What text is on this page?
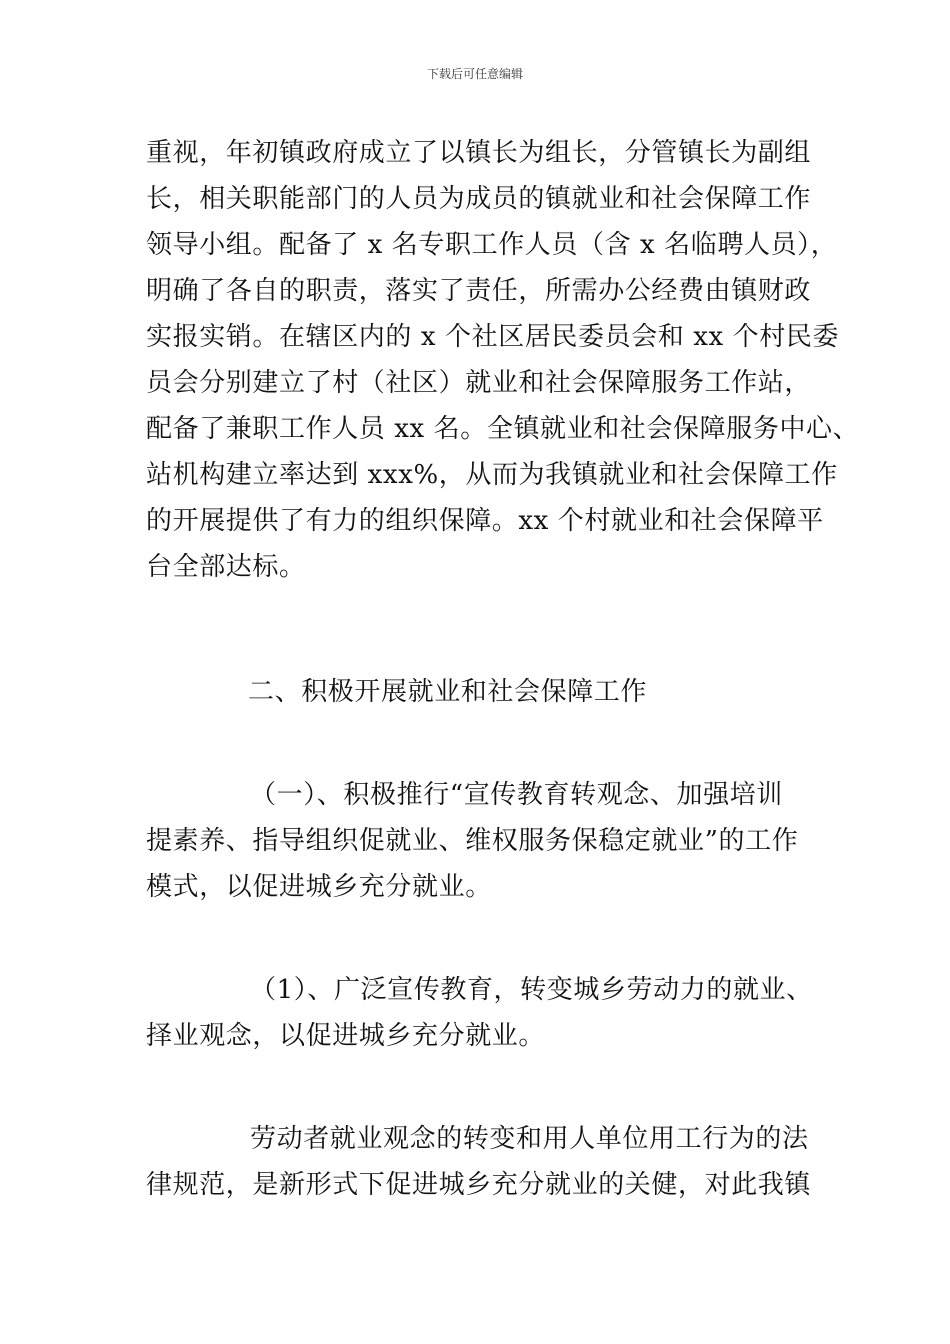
下载后可任意编辑
重视，年初镇政府成立了以镇长为组长，分管镇长为副组
长，相关职能部门的人员为成员的镇就业和社会保障工作
领导小组。配备了 x 名专职工作人员（含 x 名临聘人员），
明确了各自的职责，落实了责任，所需办公经费由镇财政
实报实销。在辖区内的 x 个社区居民委员会和 xx 个村民委
员会分别建立了村（社区）就业和社会保障服务工作站，
配备了兼职工作人员 xx 名。全镇就业和社会保障服务中心、
站机构建立率达到 xxx%，从而为我镇就业和社会保障工作
的开展提供了有力的组织保障。xx 个村就业和社会保障平
台全部达标。
二、积极开展就业和社会保障工作
（一）、积极推行“宣传教育转观念、加强培训
提素养、指导组织促就业、维权服务保稳定就业”的工作
模式，以促进城乡充分就业。
（1）、广泛宣传教育，转变城乡劳动力的就业、
择业观念，以促进城乡充分就业。
劳动者就业观念的转变和用人单位用工行为的法
律规范，是新形式下促进城乡充分就业的关健，对此我镇
